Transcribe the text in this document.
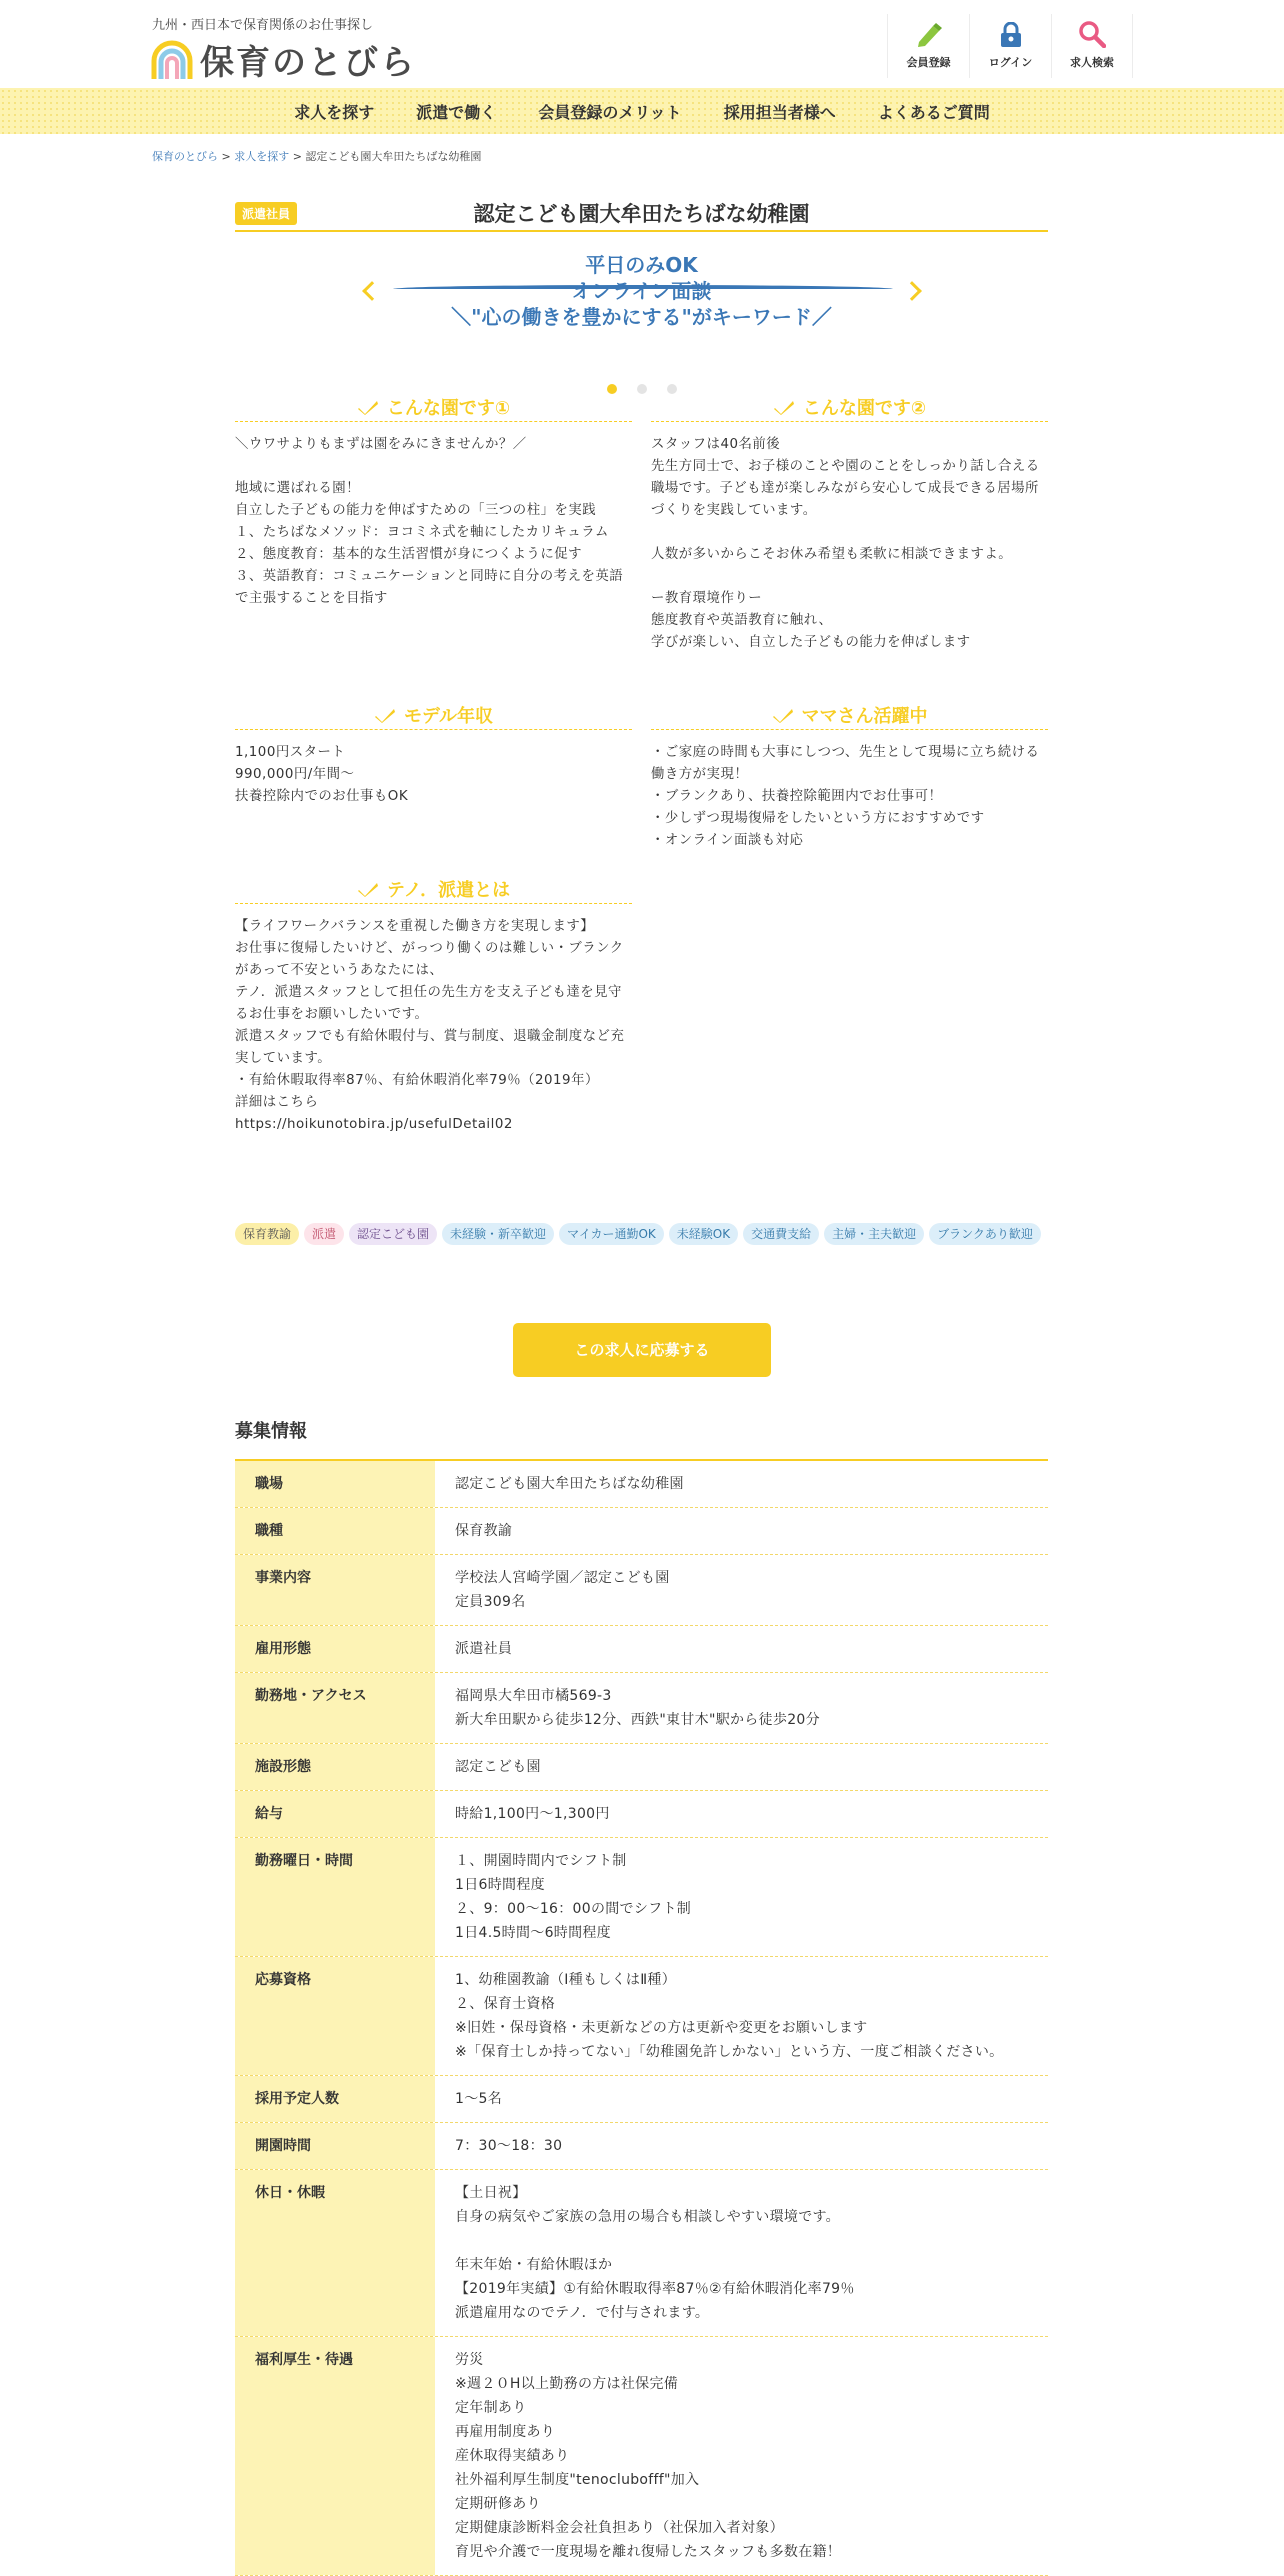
九州・西日本で保育関係のお仕事探し
保育のとびら	会員登録	ログイン	求人検索
求人を探す	派遣で働く	会員登録のメリット	採用担当者様へ	よくあるご質問
保育のとびら > 求人を探す > 認定こども園大牟田たちばな幼稚園
派遣社員	認定こども園大牟田たちばな幼稚園
平日のみOK
オンライン面談
＼"心の働きを豊かにする"がキーワード／
こんな園です①
＼ウワサよりもまずは園をみにきませんか？／

地域に選ばれる園！
自立した子どもの能力を伸ばすための「三つの柱」を実践
１、たちばなメソッド：ヨコミネ式を軸にしたカリキュラム
２、態度教育：基本的な生活習慣が身につくように促す
３、英語教育：コミュニケーションと同時に自分の考えを英語で主張することを目指す
こんな園です②
スタッフは40名前後
先生方同士で、お子様のことや園のことをしっかり話し合える職場です。子ども達が楽しみながら安心して成長できる居場所づくりを実践しています。

人数が多いからこそお休み希望も柔軟に相談できますよ。

ー教育環境作りー
態度教育や英語教育に触れ、
学びが楽しい、自立した子どもの能力を伸ばします
モデル年収
1,100円スタート
990,000円/年間～
扶養控除内でのお仕事もOK
ママさん活躍中
・ご家庭の時間も大事にしつつ、先生として現場に立ち続ける働き方が実現！
・ブランクあり、扶養控除範囲内でお仕事可！
・少しずつ現場復帰をしたいという方におすすめです
・オンライン面談も対応
テノ．派遣とは
【ライフワークバランスを重視した働き方を実現します】
お仕事に復帰したいけど、がっつり働くのは難しい・ブランクがあって不安というあなたには、
テノ．派遣スタッフとして担任の先生方を支え子ども達を見守るお仕事をお願いしたいです。
派遣スタッフでも有給休暇付与、賞与制度、退職金制度など充実しています。
・有給休暇取得率87％、有給休暇消化率79％（2019年）
詳細はこちら
https://hoikunotobira.jp/usefulDetail02
保育教諭	派遣	認定こども園	未経験・新卒歓迎	マイカー通勤OK	未経験OK	交通費支給	主婦・主夫歓迎	ブランクあり歓迎
この求人に応募する
募集情報
職場	認定こども園大牟田たちばな幼稚園
職種	保育教諭
事業内容	学校法人宮崎学園／認定こども園
定員309名
雇用形態	派遣社員
勤務地・アクセス	福岡県大牟田市橘569-3
新大牟田駅から徒歩12分、西鉄"東甘木"駅から徒歩20分
施設形態	認定こども園
給与	時給1,100円～1,300円
勤務曜日・時間	１、開園時間内でシフト制
1日6時間程度
２、9：00～16：00の間でシフト制
1日4.5時間～6時間程度
応募資格	1、幼稚園教諭（Ⅰ種もしくはⅡ種）
２、保育士資格
※旧姓・保母資格・未更新などの方は更新や変更をお願いします
※「保育士しか持ってない」「幼稚園免許しかない」という方、一度ご相談ください。
採用予定人数	1～5名
開園時間	7：30～18：30
休日・休暇	【土日祝】
自身の病気やご家族の急用の場合も相談しやすい環境です。

年末年始・有給休暇ほか
【2019年実績】①有給休暇取得率87％②有給休暇消化率79％
派遣雇用なのでテノ．で付与されます。
福利厚生・待遇	労災
※週２０H以上勤務の方は社保完備
定年制あり
再雇用制度あり
産休取得実績あり
社外福利厚生制度"tenoclubofff"加入
定期研修あり
定期健康診断料金会社負担あり（社保加入者対象）
育児や介護で一度現場を離れ復帰したスタッフも多数在籍！
